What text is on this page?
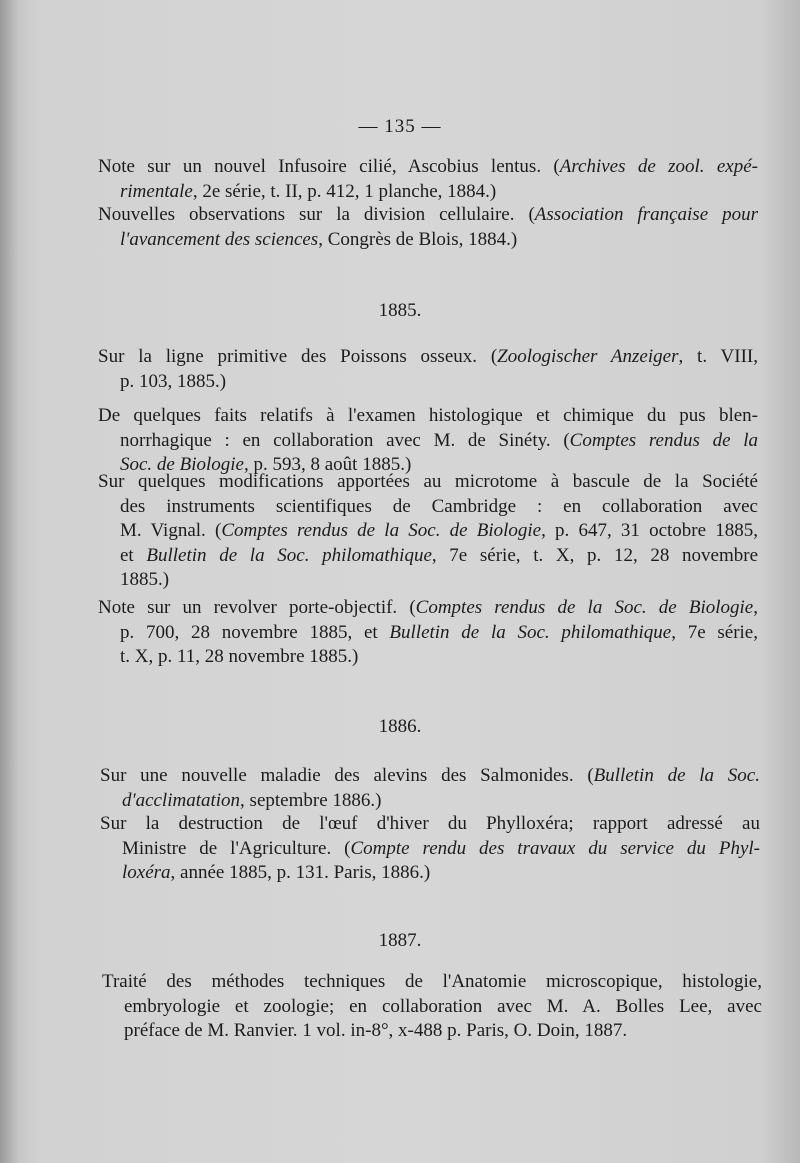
— 135 —

Note sur un nouvel Infusoire cilié, Ascobius lentus. (Archives de zool. expé-
rimentale, 2e série, t. II, p. 412, 1 planche, 1884.)

Nouvelles observations sur la division cellulaire. (Association française pour
l'avancement des sciences, Congrès de Blois, 1884.)

1885.

Sur la ligne primitive des Poissons osseux. (Zoologischer Anzeiger, t. VIII,
p. 103, 1885.)

De quelques faits relatifs à l'examen histologique et chimique du pus blen-
norrhagique : en collaboration avec M. de Sinéty. (Comptes rendus de la
Soc. de Biologie, p. 593, 8 août 1885.)

Sur quelques modifications apportées au microtome à bascule de la Société
des instruments scientifiques de Cambridge : en collaboration avec
M. Vignal. (Comptes rendus de la Soc. de Biologie, p. 647, 31 octobre 1885,
et Bulletin de la Soc. philomathique, 7e série, t. X, p. 12, 28 novembre
1885.)

Note sur un revolver porte-objectif. (Comptes rendus de la Soc. de Biologie,
p. 700, 28 novembre 1885, et Bulletin de la Soc. philomathique, 7e série,
t. X, p. 11, 28 novembre 1885.)

1886.

Sur une nouvelle maladie des alevins des Salmonides. (Bulletin de la Soc.
d'acclimatation, septembre 1886.)

Sur la destruction de l'œuf d'hiver du Phylloxéra; rapport adressé au
Ministre de l'Agriculture. (Compte rendu des travaux du service du Phyl-
loxéra, année 1885, p. 131. Paris, 1886.)

1887.

Traité des méthodes techniques de l'Anatomie microscopique, histologie,
embryologie et zoologie; en collaboration avec M. A. Bolles Lee, avec
préface de M. Ranvier. 1 vol. in-8°, x-488 p. Paris, O. Doin, 1887.
